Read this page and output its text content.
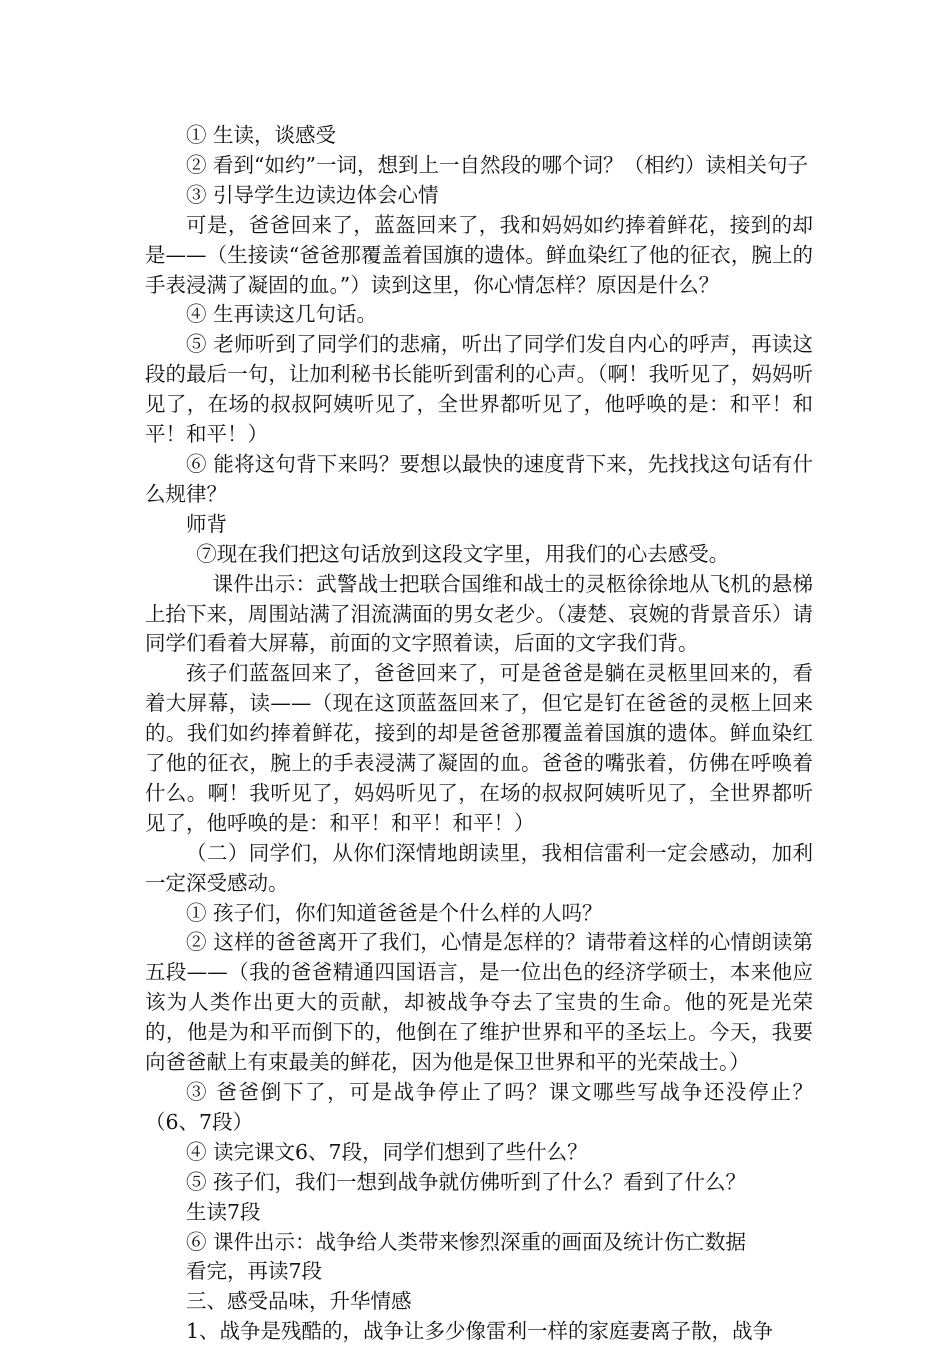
① 生读，谈感受

② 看到“如约”一词，想到上一自然段的哪个词？（相约）读相关句子

③ 引导学生边读边体会心情

可是，爸爸回来了，蓝盔回来了，我和妈妈如约捧着鲜花，接到的却是——（生接读“爸爸那覆盖着国旗的遗体。鲜血染红了他的征衣，腕上的手表浸满了凝固的血。”）读到这里，你心情怎样？原因是什么？

④ 生再读这几句话。

⑤ 老师听到了同学们的悲痛，听出了同学们发自内心的呼声，再读这段的最后一句，让加利秘书长能听到雷利的心声。（啊！我听见了，妈妈听见了，在场的叔叔阿姨听见了，全世界都听见了，他呼唤的是：和平！和平！和平！）

⑥ 能将这句背下来吗？要想以最快的速度背下来，先找找这句话有什么规律？

师背

⑦现在我们把这句话放到这段文字里，用我们的心去感受。

课件出示：武警战士把联合国维和战士的灵柩徐徐地从飞机的悬梯上抬下来，周围站满了泪流满面的男女老少。（凄楚、哀婉的背景音乐）请同学们看着大屏幕，前面的文字照着读，后面的文字我们背。

孩子们蓝盔回来了，爸爸回来了，可是爸爸是躺在灵柩里回来的，看着大屏幕，读——（现在这顶蓝盔回来了，但它是钉在爸爸的灵柩上回来的。我们如约捧着鲜花，接到的却是爸爸那覆盖着国旗的遗体。鲜血染红了他的征衣，腕上的手表浸满了凝固的血。爸爸的嘴张着，仿佛在呼唤着什么。啊！我听见了，妈妈听见了，在场的叔叔阿姨听见了，全世界都听见了，他呼唤的是：和平！和平！和平！）

（二）同学们，从你们深情地朗读里，我相信雷利一定会感动，加利一定深受感动。

① 孩子们，你们知道爸爸是个什么样的人吗？

② 这样的爸爸离开了我们，心情是怎样的？请带着这样的心情朗读第五段——（我的爸爸精通四国语言，是一位出色的经济学硕士，本来他应该为人类作出更大的贡献，却被战争夺去了宝贵的生命。他的死是光荣的，他是为和平而倒下的，他倒在了维护世界和平的圣坛上。今天，我要向爸爸献上有束最美的鲜花，因为他是保卫世界和平的光荣战士。）

③ 爸爸倒下了，可是战争停止了吗？课文哪些写战争还没停止？（6、7段）

④ 读完课文6、7段，同学们想到了些什么？

⑤ 孩子们，我们一想到战争就仿佛听到了什么？看到了什么？

生读7段

⑥ 课件出示：战争给人类带来惨烈深重的画面及统计伤亡数据

看完，再读7段

三、感受品味，升华情感

1、战争是残酷的，战争让多少像雷利一样的家庭妻离子散，战争
